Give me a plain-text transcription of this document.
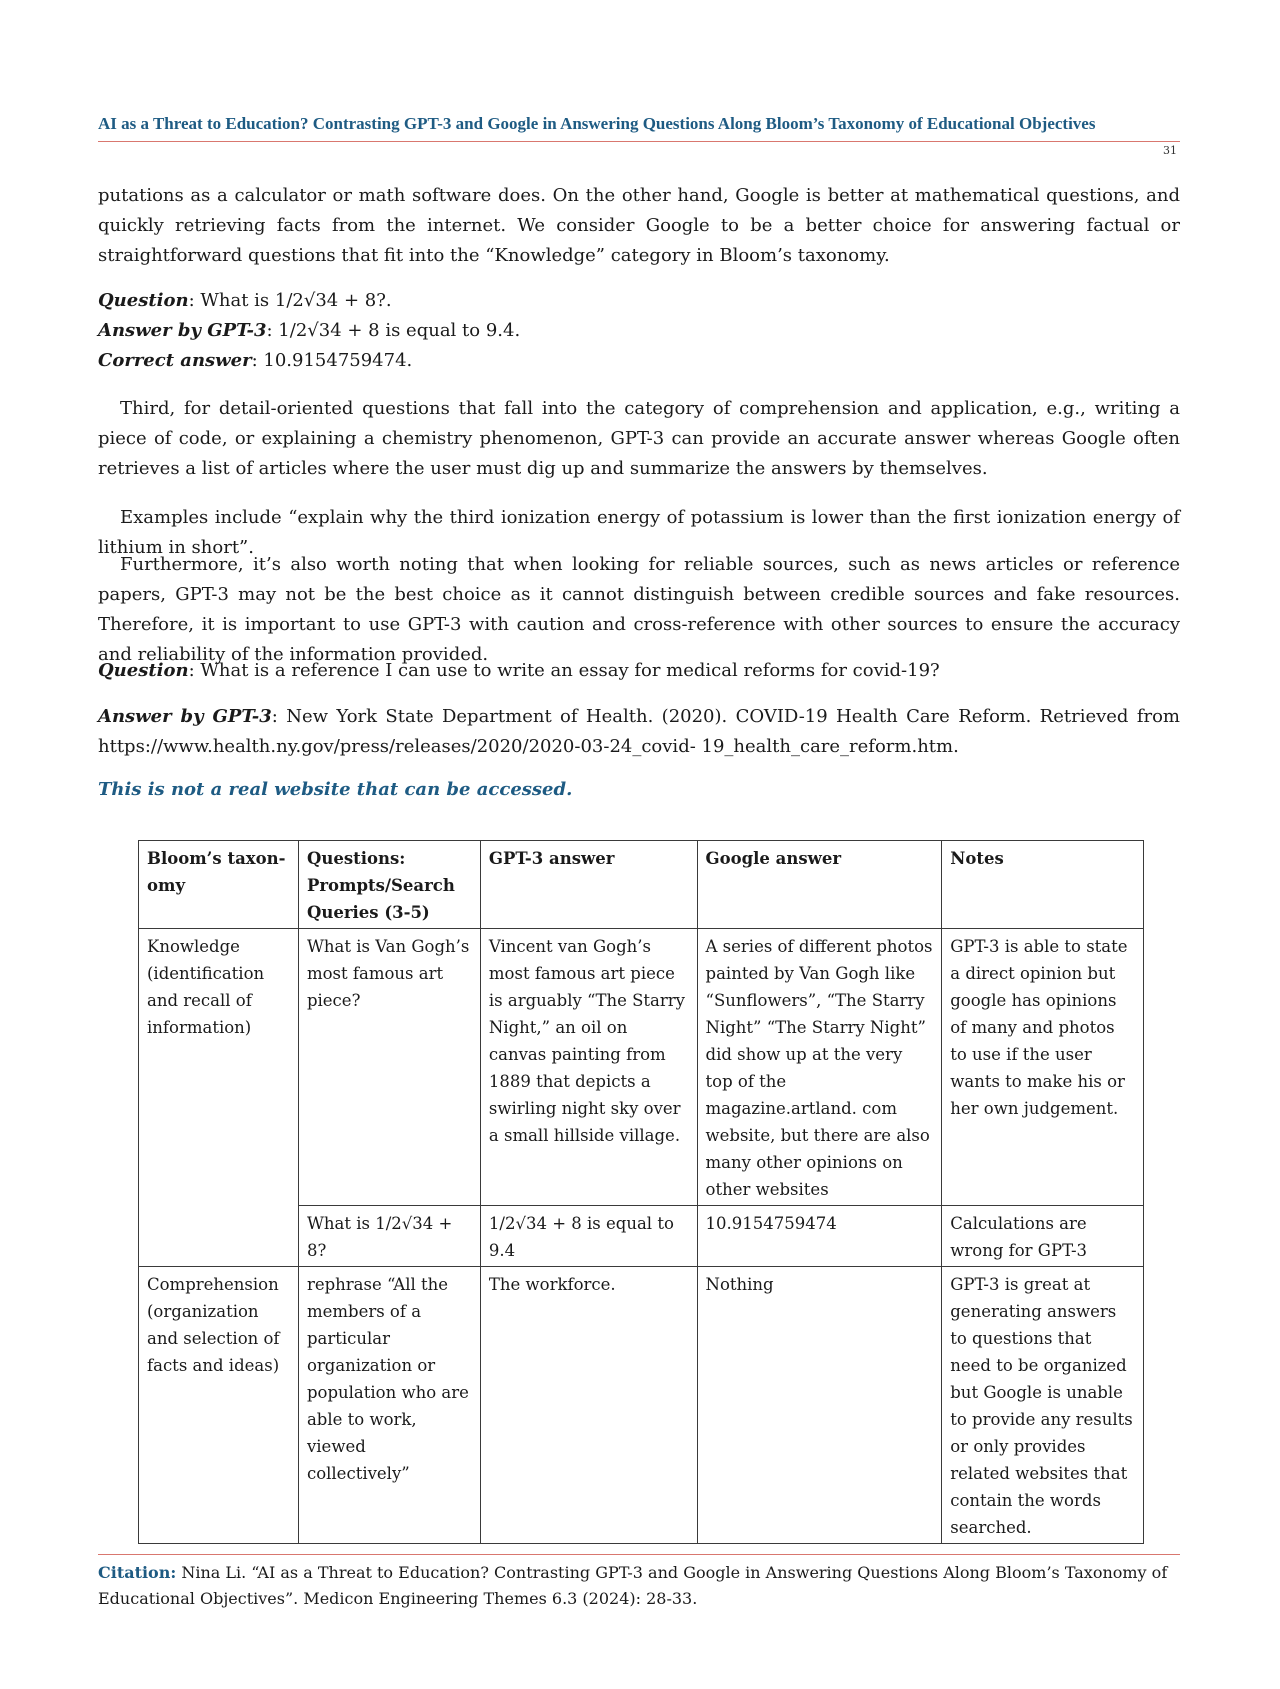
AI as a Threat to Education? Contrasting GPT-3 and Google in Answering Questions Along Bloom’s Taxonomy of Educational Objectives
31

putations as a calculator or math software does. On the other hand, Google is better at mathematical questions, and quickly retrieving facts from the internet. We consider Google to be a better choice for answering factual or straightforward questions that fit into the “Knowledge” category in Bloom’s taxonomy.

Question: What is 1/2√34 + 8?.
Answer by GPT-3: 1/2√34 + 8 is equal to 9.4.
Correct answer: 10.9154759474.

Third, for detail-oriented questions that fall into the category of comprehension and application, e.g., writing a piece of code, or explaining a chemistry phenomenon, GPT-3 can provide an accurate answer whereas Google often retrieves a list of articles where the user must dig up and summarize the answers by themselves.

Examples include “explain why the third ionization energy of potassium is lower than the first ionization energy of lithium in short”.

Furthermore, it’s also worth noting that when looking for reliable sources, such as news articles or reference papers, GPT-3 may not be the best choice as it cannot distinguish between credible sources and fake resources. Therefore, it is important to use GPT-3 with caution and cross-reference with other sources to ensure the accuracy and reliability of the information provided.

Question: What is a reference I can use to write an essay for medical reforms for covid-19?
Answer by GPT-3: New York State Department of Health. (2020). COVID-19 Health Care Reform. Retrieved from https://www.health.ny.gov/press/releases/2020/2020-03-24_covid- 19_health_care_reform.htm.
This is not a real website that can be accessed.
Bloom’s taxon-omy	Questions: Prompts/Search Queries (3-5)	GPT-3 answer	Google answer	Notes
Knowledge (identification and recall of information)	What is Van Gogh’s most famous art piece?	Vincent van Gogh’s most famous art piece is arguably “The Starry Night,” an oil on canvas painting from 1889 that depicts a swirling night sky over a small hillside village.	A series of different photos painted by Van Gogh like “Sunflowers”, “The Starry Night” “The Starry Night” did show up at the very top of the magazine.artland. com website, but there are also many other opinions on other websites	GPT-3 is able to state a direct opinion but google has opinions of many and photos to use if the user wants to make his or her own judgement.
	What is 1/2√34 + 8?	1/2√34 + 8 is equal to 9.4	10.9154759474	Calculations are wrong for GPT-3
Comprehension (organization and selection of facts and ideas)	rephrase “All the members of a particular organization or population who are able to work, viewed collectively”	The workforce.	Nothing	GPT-3 is great at generating answers to questions that need to be organized but Google is unable to provide any results or only provides related websites that contain the words searched.
Citation: Nina Li. “AI as a Threat to Education? Contrasting GPT-3 and Google in Answering Questions Along Bloom’s Taxonomy of Educational Objectives”. Medicon Engineering Themes 6.3 (2024): 28-33.
